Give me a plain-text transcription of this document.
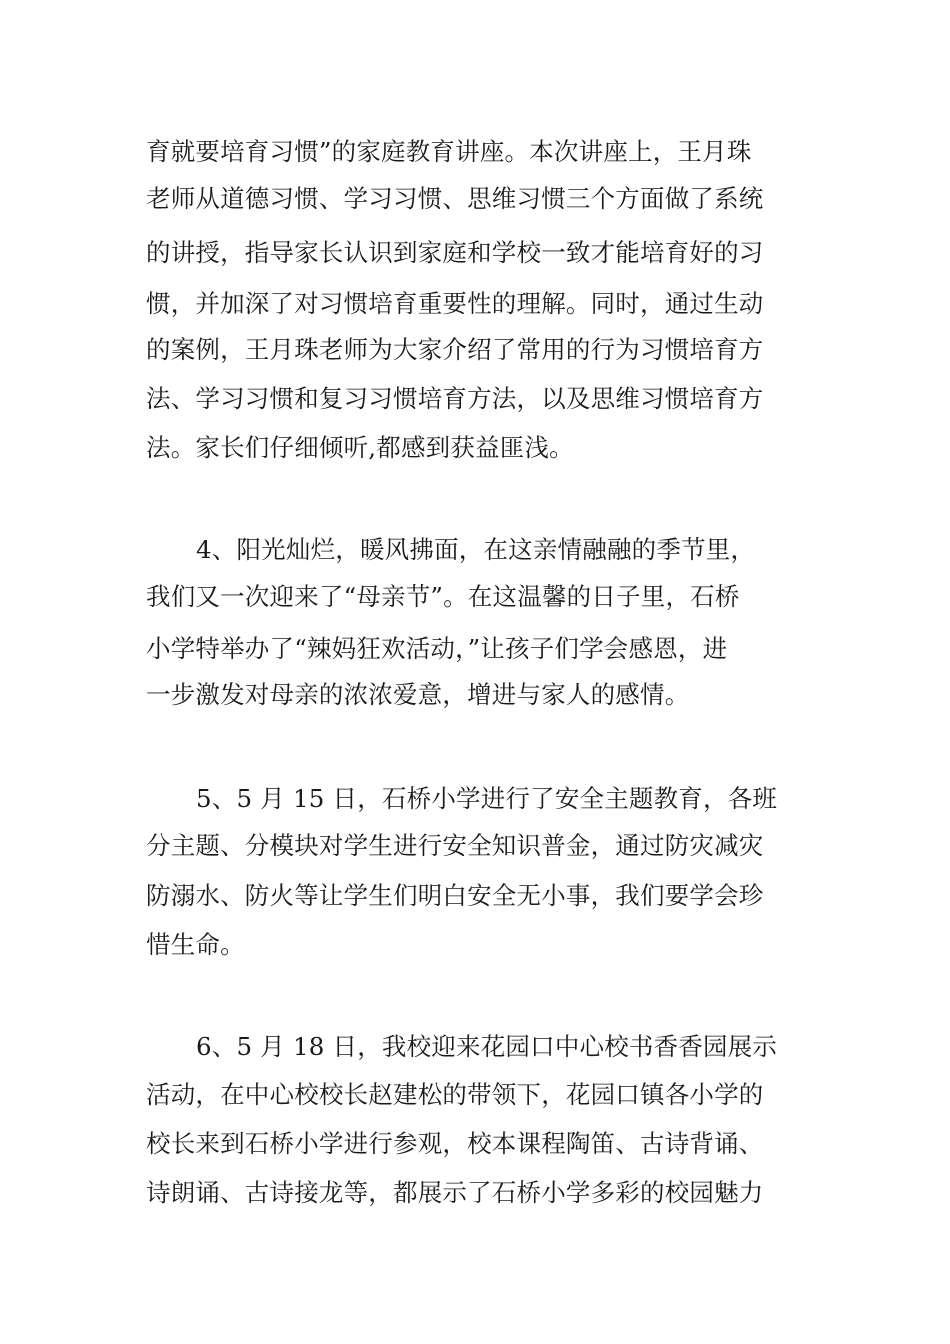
育就要培育习惯”的家庭教育讲座。本次讲座上，王月珠
老师从道德习惯、学习习惯、思维习惯三个方面做了系统
的讲授，指导家长认识到家庭和学校一致才能培育好的习
惯，并加深了对习惯培育重要性的理解。同时，通过生动
的案例，王月珠老师为大家介绍了常用的行为习惯培育方
法、学习习惯和复习习惯培育方法，以及思维习惯培育方
法。家长们仔细倾听,都感到获益匪浅。
4、阳光灿烂，暖风拂面，在这亲情融融的季节里，
我们又一次迎来了“母亲节”。在这温馨的日子里，石桥
小学特举办了“辣妈狂欢活动，”让孩子们学会感恩，进
一步激发对母亲的浓浓爱意，增进与家人的感情。
5、5 月 15 日，石桥小学进行了安全主题教育，各班
分主题、分模块对学生进行安全知识普金，通过防灾减灾
防溺水、防火等让学生们明白安全无小事，我们要学会珍
惜生命。
6、5 月 18 日，我校迎来花园口中心校书香香园展示
活动，在中心校校长赵建松的带领下，花园口镇各小学的
校长来到石桥小学进行参观，校本课程陶笛、古诗背诵、
诗朗诵、古诗接龙等，都展示了石桥小学多彩的校园魅力
